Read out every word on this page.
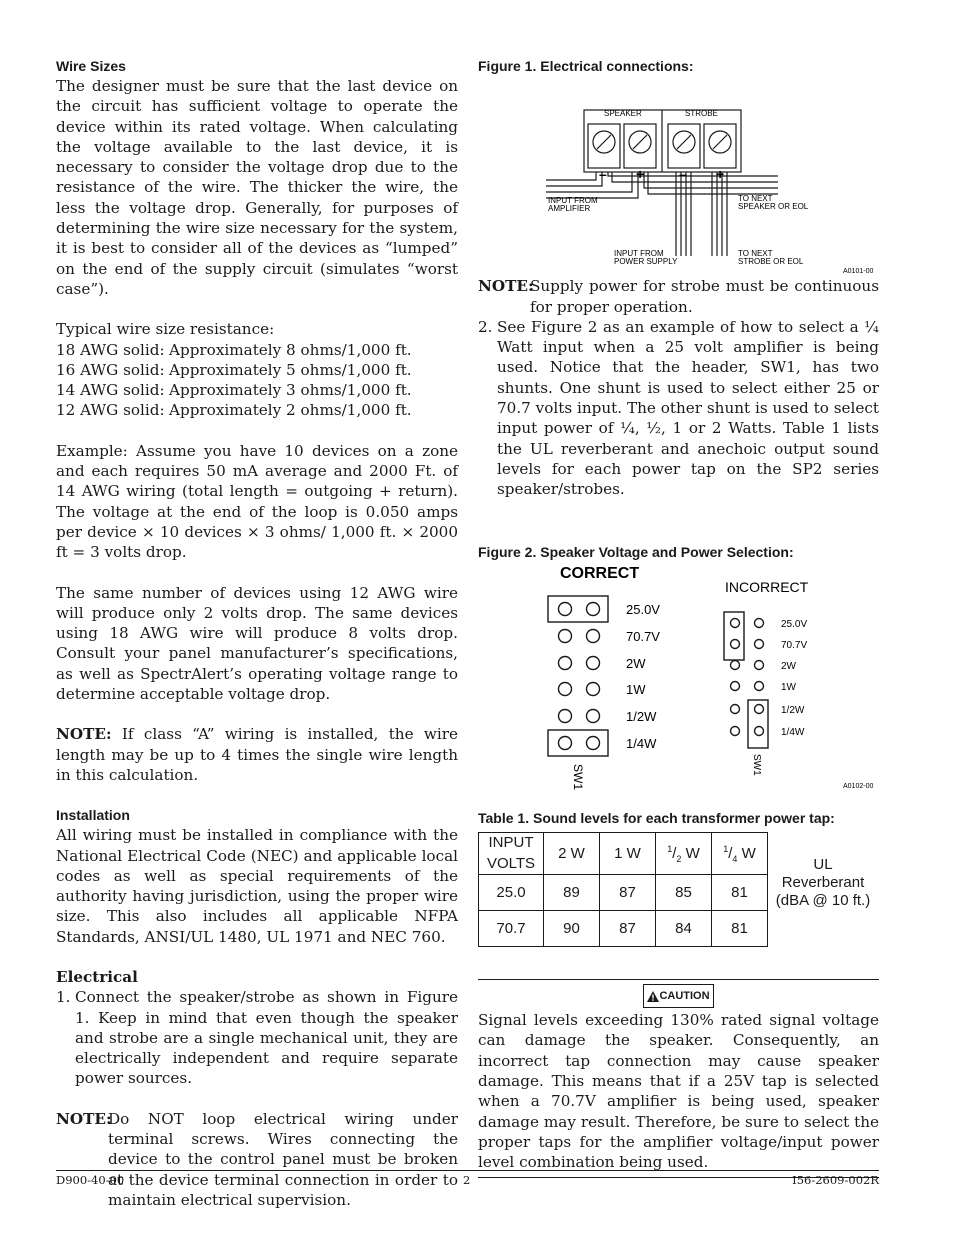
Wire Sizes

The designer must be sure that the last device on the circuit has sufficient voltage to operate the device within its rated voltage. When calculating the voltage available to the last device, it is necessary to consider the voltage drop due to the resistance of the wire. The thicker the wire, the less the voltage drop. Generally, for purposes of determining the wire size necessary for the system, it is best to consider all of the devices as “lumped” on the end of the supply circuit (simulates “worst case”).

Typical wire size resistance:

18 AWG solid: Approximately 8 ohms/1,000 ft.
16 AWG solid: Approximately 5 ohms/1,000 ft.
14 AWG solid: Approximately 3 ohms/1,000 ft.
12 AWG solid: Approximately 2 ohms/1,000 ft.

Example: Assume you have 10 devices on a zone and each requires 50 mA average and 2000 Ft. of 14 AWG wiring (total length = outgoing + return). The voltage at the end of the loop is 0.050 amps per device × 10 devices × 3 ohms/ 1,000 ft. × 2000 ft = 3 volts drop.

The same number of devices using 12 AWG wire will produce only 2 volts drop. The same devices using 18 AWG wire will produce 8 volts drop. Consult your panel manufacturer’s specifications, as well as SpectrAlert’s operating voltage range to determine acceptable voltage drop.

NOTE: If class “A” wiring is installed, the wire length may be up to 4 times the single wire length in this calculation.

Installation

All wiring must be installed in compliance with the National Electrical Code (NEC) and applicable local codes as well as special requirements of the authority having jurisdiction, using the proper wire size. This also includes all applicable NFPA Standards, ANSI/UL 1480, UL 1971 and NEC 760.

Electrical
1. Connect the speaker/strobe as shown in Figure 1. Keep in mind that even though the speaker and strobe are a single mechanical unit, they are electrically independent and require separate power sources.
NOTE:
Do NOT loop electrical wiring under terminal screws. Wires connecting the device to the control panel must be broken at the device terminal connection in order to maintain electrical supervision.
Figure 1. Electrical connections:
SPEAKER	STROBE
– + – +
INPUT FROM
AMPLIFIER
TO NEXT
SPEAKER OR EOL
INPUT FROM
POWER SUPPLY
TO NEXT
STROBE OR EOL
A0101-00
NOTE:
Supply power for strobe must be continuous for proper operation.
2. See Figure 2 as an example of how to select a ¼ Watt input when a 25 volt amplifier is being used. Notice that the header, SW1, has two shunts. One shunt is used to select either 25 or 70.7 volts input. The other shunt is used to select input power of ¼, ½, 1 or 2 Watts. Table 1 lists the UL reverberant and anechoic output sound levels for each power tap on the SP2 series speaker/strobes.
Figure 2. Speaker Voltage and Power Selection:
CORRECT
INCORRECT
25.0V
70.7V
2W
1W
1/2W
1/4W
SW1
25.0V
70.7V
2W
1W
1/2W
1/4W
SW1
A0102-00
Table 1. Sound levels for each transformer power tap:
INPUT
VOLTS	2 W	1 W	$^1/_2$ W	$^1/_4$ W
25.0	89	87	85	81
70.7	90	87	84	81
UL
Reverberant
(dBA @ 10 ft.)
CAUTION

Signal levels exceeding 130% rated signal voltage can damage the speaker. Consequently, an incorrect tap connection may cause speaker damage. This means that if a 25V tap is selected when a 70.7V amplifier is being used, speaker damage may result. Therefore, be sure to select the proper taps for the amplifier voltage/input power level combination being used.

D900-40-00	2	I56-2609-002R
